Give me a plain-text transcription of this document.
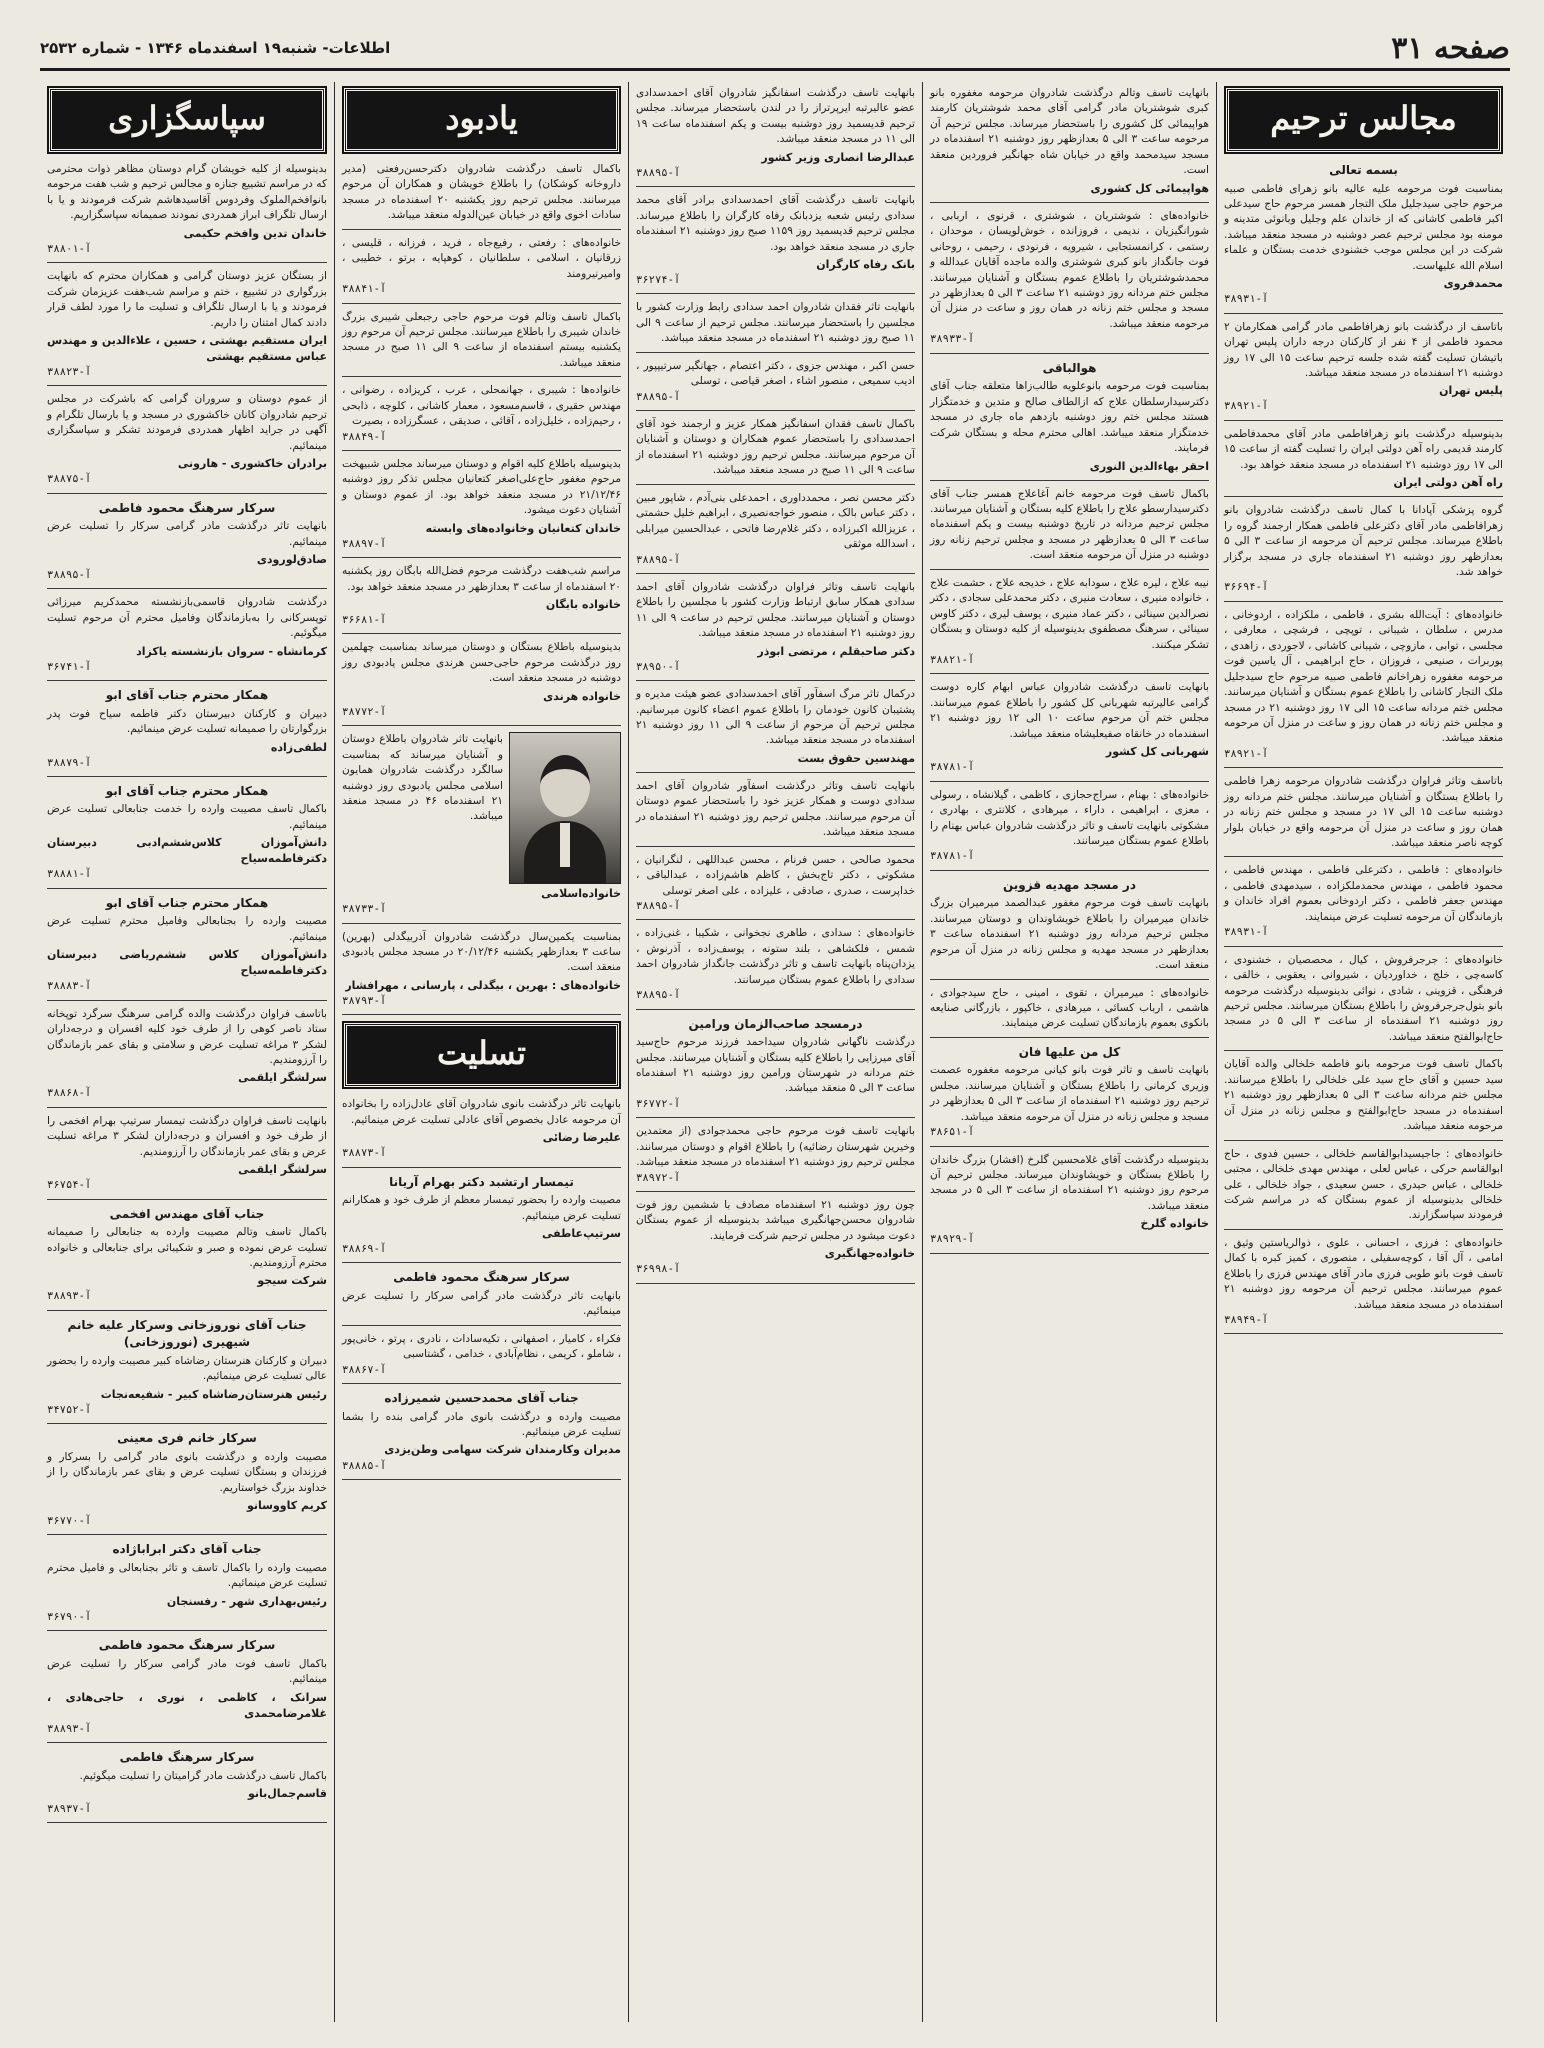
صفحه ۳۱
اطلاعات- شنبه۱۹ اسفندماه ۱۳۴۶ - شماره ۲۵۳۲
مجالس ترحیم
بسمه تعالی
بمناسبت فوت مرحومه علیه عالیه بانو زهرای فاطمی صبیه مرحوم حاجی سیدجلیل ملک التجار همسر مرحوم حاج سیدعلی اکبر فاطمی کاشانی که از خاندان علم وجلیل وبانوئی متدینه و مومنه بود مجلس ترحیم عصر دوشنبه در مسجد منعقد میباشد. شرکت در این مجلس موجب خشنودی خدمت بستگان و علماء اسلام الله علیهاست.
محمدفروی
آ-۳۸۹۳۱
باتاسف از درگذشت بانو زهرافاطمی مادر گرامی همکارمان ۲ محمود فاطمی از ۴ نفر از کارکنان درجه داران پلیس تهران باتیشان تسلیت گفته شده جلسه ترحیم ساعت ۱۵ الی ۱۷ روز دوشنبه ۲۱ اسفندماه در مسجد منعقد میباشد.
پلیس تهران
آ-۳۸۹۲۱
بدینوسیله درگذشت بانو زهرافاطمی مادر آقای محمدفاطمی کارمند قدیمی راه آهن دولتی ایران را تسلیت گفته از ساعت ۱۵ الی ۱۷ روز دوشنبه ۲۱ اسفندماه در مسجد منعقد خواهد بود.
راه آهن دولتی ایران
گروه پزشکی آپادانا با کمال تاسف درگذشت شادروان بانو زهرافاطمی مادر آقای دکترعلی فاطمی همکار ارجمند گروه را باطلاع میرساند. مجلس ترحیم آن مرحومه از ساعت ۳ الی ۵ بعدازظهر روز دوشنبه ۲۱ اسفندماه جاری در مسجد برگزار خواهد شد.
آ-۳۶۶۹۴
خانواده‌های : آیت‌الله بشری ، فاطمی ، ملکزاده ، اردوخانی ، مدرس ، سلطان ، شیبانی ، توپچی ، فرشچی ، معارفی ، مجلسی ، توابی ، مازوچی ، شیبانی کاشانی ، لاجوردی ، زاهدی ، پوربرات ، صنیعی ، فروزان ، حاج ابراهیمی ، آل یاسین فوت مرحومه مغفوره زهراخانم فاطمی صبیه مرحوم حاج سیدجلیل ملک التجار کاشانی را باطلاع عموم بستگان و آشنایان میرسانند. مجلس ختم مردانه ساعت ۱۵ الی ۱۷ روز دوشنبه ۲۱ در مسجد و مجلس ختم زنانه در همان روز و ساعت در منزل آن مرحومه منعقد میباشد.
آ-۳۸۹۲۱
باتاسف وتاثر فراوان درگذشت شادروان مرحومه زهرا فاطمی را باطلاع بستگان و آشنایان میرسانند. مجلس ختم مردانه روز دوشنبه ساعت ۱۵ الی ۱۷ در مسجد و مجلس ختم زنانه در همان روز و ساعت در منزل آن مرحومه واقع در خیابان بلوار کوچه ناصر منعقد میباشد.
خانواده‌های : فاطمی ، دکترعلی فاطمی ، مهندس فاطمی ، محمود فاطمی ، مهندس محمدملکزاده ، سیدمهدی فاطمی ، مهندس جعفر فاطمی ، دکتر اردوخانی بعموم افراد خاندان و بازماندگان آن مرحومه تسلیت عرض مینمایند.
آ-۳۸۹۳۱
خانواده‌های : جرجرفروش ، کیال ، محصصیان ، خشنودی ، کاسه‌چی ، خلج ، خداوردیان ، شیروانی ، یعقوبی ، خالقی ، فرهنگی ، قزوینی ، شادی ، نوائی بدینوسیله درگذشت مرحومه بانو بتول‌جرجرفروش را باطلاع بستگان میرسانند. مجلس ترحیم روز دوشنبه ۲۱ اسفندماه از ساعت ۳ الی ۵ در مسجد حاج‌ابوالفتح منعقد میباشد.
باکمال تاسف فوت مرحومه بانو فاطمه خلخالی والده آقایان سید حسین و آقای حاج سید علی خلخالی را باطلاع میرسانند. مجلس ختم مردانه ساعت ۳ الی ۵ بعدازظهر روز دوشنبه ۲۱ اسفندماه در مسجد حاج‌ابوالفتح و مجلس زنانه در منزل آن مرحومه منعقد میباشد.
خانواده‌های : جاجیسیدابوالقاسم خلخالی ، حسین فدوی ، حاج ابوالقاسم حرکی ، عباس لعلی ، مهندس مهدی خلخالی ، مجتبی خلخالی ، عباس حیدری ، حسن سعیدی ، جواد خلخالی ، علی خلخالی بدینوسیله از عموم بستگان که در مراسم شرکت فرمودند سپاسگزارند.
خانواده‌های : فرزی ، احسانی ، علوی ، ذوالریاستین وثیق ، امامی ، آل آقا ، کوچه‌سفیلی ، منصوری ، کمیز کبره با کمال تاسف فوت بانو طوبی فرزی مادر آقای مهندس فرزی را باطلاع عموم میرسانند. مجلس ترحیم آن مرحومه روز دوشنبه ۲۱ اسفندماه در مسجد منعقد میباشد.
آ-۳۸۹۴۹
بانهایت تاسف وتالم درگذشت شادروان مرحومه مغفوره بانو کبری شوشتریان مادر گرامی آقای محمد شوشتریان کارمند هواپیمائی کل کشوری را باستحضار میرساند. مجلس ترحیم آن مرحومه ساعت ۳ الی ۵ بعدازظهر روز دوشنبه ۲۱ اسفندماه در مسجد سیدمحمد واقع در خیابان شاه جهانگیر فروردین منعقد است.
هواپیمائی کل کشوری
خانواده‌های : شوشتریان ، شوشتری ، قرنوی ، اربابی ، شورانگیزیان ، ندیمی ، فروزانده ، خوش‌لویسان ، موحدان ، رستمی ، کرانمستجابی ، شیرویه ، فرنودی ، رحیمی ، روحانی فوت جانگداز بانو کبری شوشتری والده ماجده آقایان عبدالله و محمدشوشتریان را باطلاع عموم بستگان و آشنایان میرسانند. مجلس ختم مردانه روز دوشنبه ۲۱ ساعت ۳ الی ۵ بعدازظهر در مسجد و مجلس ختم زنانه در همان روز و ساعت در منزل آن مرحومه منعقد میباشد.
آ-۳۸۹۳۳
هوالباقی
بمناسبت فوت مرحومه بانوعلویه طالب‌زاها متعلقه جناب آقای دکترسیدارسلطان علاج که ازالطاف صالح و متدین و خدمتگزار هستند مجلس ختم روز دوشنبه بازدهم ماه جاری در مسجد خدمتگزار منعقد میباشد. اهالی محترم محله و بستگان شرکت فرمایند.
احقر بهاءالدین النوری
باکمال تاسف فوت مرحومه خانم آغاعلاج همسر جناب آقای دکترسیدارسطو علاج را باطلاع کلیه بستگان و آشنایان میرسانند. مجلس ترحیم مردانه در تاریخ دوشنبه بیست و یکم اسفندماه ساعت ۳ الی ۵ بعدازظهر در مسجد و مجلس ترحیم زنانه روز دوشنبه در منزل آن مرحومه منعقد است.
نیبه علاج ، لیره علاج ، سودابه علاج ، خدیجه علاج ، حشمت علاج ، خانواده منیری ، سعادت منیری ، دکتر محمدعلی سجادی ، دکتر نصرالدین سینائی ، دکتر عماد منیری ، یوسف لیری ، دکتر کاوس سینائی ، سرهنگ مصطفوی بدینوسیله از کلیه دوستان و بستگان تشکر میکنند.
آ-۳۸۸۲۱
بانهایت تاسف درگذشت شادروان عباس ابهام کاره دوست گرامی عالیرتبه شهربانی کل کشور را باطلاع عموم میرسانند. مجلس ختم آن مرحوم ساعت ۱۰ الی ۱۲ روز دوشنبه ۲۱ اسفندماه در خانقاه صفیعلیشاه منعقد میباشد.
شهربانی کل کشور
آ-۳۸۷۸۱
خانواده‌های : بهنام ، سراج‌حجازی ، کاظمی ، گیلانشاه ، رسولی ، معزی ، ابراهیمی ، داراء ، میرهادی ، کلانتری ، بهادری ، مشکوتی بانهایت تاسف و تاثر درگذشت شادروان عباس بهنام را باطلاع عموم بستگان میرسانند.
آ-۳۸۷۸۱
در مسجد مهدیه قزوین
بانهایت تاسف فوت مرحوم مغفور عبدالصمد میرمیران بزرگ خاندان میرمیران را باطلاع خویشاوندان و دوستان میرسانند. مجلس ترحیم مردانه روز دوشنبه ۲۱ اسفندماه ساعت ۳ بعدازظهر در مسجد مهدیه و مجلس زنانه در منزل آن مرحوم منعقد است.
خانواده‌های : میرمیران ، تقوی ، امینی ، حاج سیدجوادی ، هاشمی ، ارباب کسائی ، میرهادی ، خاکپور ، بازرگانی صنایعه بانکوی بعموم بازماندگان تسلیت عرض مینمایند.
کل من علیها فان
بانهایت تاسف و تاثر فوت بانو کیانی مرحومه مغفوره عصمت وزیری کرمانی را باطلاع بستگان و آشنایان میرسانند. مجلس ترحیم روز دوشنبه ۲۱ اسفندماه از ساعت ۳ الی ۵ بعدازظهر در مسجد و مجلس زنانه در منزل آن مرحومه منعقد میباشد.
آ-۳۸۶۵۱
بدینوسیله درگذشت آقای غلامحسین گلرخ (افشار) بزرگ خاندان را باطلاع بستگان و خویشاوندان میرساند. مجلس ترحیم آن مرحوم روز دوشنبه ۲۱ اسفندماه از ساعت ۳ الی ۵ در مسجد منعقد میباشد.
خانواده گلرخ
آ-۳۸۹۲۹
بانهایت تاسف درگذشت اسفانگیز شادروان آقای احمدسدادی عضو عالیرتبه ایرپرتراز را در لندن باستحضار میرساند. مجلس ترحیم قدیسمید روز دوشنبه بیست و یکم اسفندماه ساعت ۱۹ الی ۱۱ در مسجد منعقد میباشد.
عبدالرضا انصاری وزیر کشور
آ-۳۸۸۹۵
بانهایت تاسف درگذشت آقای احمدسدادی برادر آقای محمد سدادی رئیس شعبه یزدبانک رفاه کارگران را باطلاع میرساند. مجلس ترحیم قدیسمید روز ۱۱۵۹ صبح روز دوشنبه ۲۱ اسفندماه جاری در مسجد منعقد خواهد بود.
بانک رفاه کارگران
آ-۳۶۲۷۴
بانهایت تاثر فقدان شادروان احمد سدادی رابط وزارت کشور با مجلسین را باستحضار میرسانند. مجلس ترحیم از ساعت ۹ الی ۱۱ صبح روز دوشنبه ۲۱ اسفندماه در مسجد منعقد میباشد.
حسن اکبر ، مهندس جزوی ، دکتر اعتصام ، جهانگیر سرتیپپور ، ادیب سمیعی ، منصور اشاء ، اصغر قیاصی ، توسلی
آ-۳۸۸۹۵
باکمال تاسف فقدان اسفانگیز همکار عزیز و ارجمند خود آقای احمدسدادی را باستحضار عموم همکاران و دوستان و آشنایان آن مرحوم میرسانند. مجلس ترحیم روز دوشنبه ۲۱ اسفندماه از ساعت ۹ الی ۱۱ صبح در مسجد منعقد میباشد.
دکتر محسن نصر ، محمدداوری ، احمدعلی بنی‌آدم ، شاپور مبین ، دکتر عباس بالک ، منصور خواجه‌نصیری ، ابراهیم خلیل حشمتی ، عزیزالله اکبرزاده ، دکتر غلام‌رضا فاتحی ، عبدالحسین میرابلی ، اسدالله موثقی
آ-۳۸۸۹۵
بانهایت تاسف وتاثر فراوان درگذشت شادروان آقای احمد سدادی همکار سابق ارتباط وزارت کشور با مجلسین را باطلاع دوستان و آشنایان میرسانند. مجلس ترحیم در ساعت ۹ الی ۱۱ روز دوشنبه ۲۱ اسفندماه در مسجد منعقد میباشد.
دکتر صاحبقلم ، مرتضی ابوذر
آ-۳۸۹۵۰
درکمال تاثر مرگ اسفآور آقای احمدسدادی عضو هیئت مدیره و پشتیبان کانون خودمان را باطلاع عموم اعضاء کانون میرسانیم. مجلس ترحیم آن مرحوم از ساعت ۹ الی ۱۱ روز دوشنبه ۲۱ اسفندماه در مسجد منعقد میباشد.
مهندسین حقوق بست
بانهایت تاسف وتاثر درگذشت اسفآور شادروان آقای احمد سدادی دوست و همکار عزیز خود را باستحضار عموم دوستان آن مرحوم میرسانند. مجلس ترحیم روز دوشنبه ۲۱ اسفندماه در مسجد منعقد میباشد.
محمود صالحی ، حسن فرنام ، محسن عبداللهی ، لنگرانیان ، مشکوتی ، دکتر تاج‌بخش ، کاظم هاشم‌زاده ، عبدالباقی ، خداپرست ، صدری ، صادقی ، علیزاده ، علی اصغر توسلی
آ-۳۸۸۹۵
خانواده‌های : سدادی ، طاهری نجخوانی ، شکیبا ، غنی‌زاده ، شمس ، فلکشاهی ، بلند ستونه ، یوسف‌زاده ، آذرنوش ، یزدان‌پناه بانهایت تاسف و تاثر درگذشت جانگداز شادروان احمد سدادی را باطلاع عموم بستگان میرسانند.
آ-۳۸۸۹۵
درمسجد صاحب‌الزمان ورامین
درگذشت ناگهانی شادروان سیداحمد فرزند مرحوم حاج‌سید آقای میرزایی را باطلاع کلیه بستگان و آشنایان میرسانند. مجلس ختم مردانه در شهرستان ورامین روز دوشنبه ۲۱ اسفندماه ساعت ۳ الی ۵ منعقد میباشد.
آ-۳۶۷۷۲
بانهایت تاسف فوت مرحوم حاجی محمدجوادی (از معتمدین وخیرین شهرستان رضائیه) را باطلاع اقوام و دوستان میرسانند. مجلس ترحیم روز دوشنبه ۲۱ اسفندماه در مسجد منعقد میباشد.
آ-۳۸۹۷۲
چون روز دوشنبه ۲۱ اسفندماه مصادف با ششمین روز فوت شادروان محسن‌جهانگیری میباشد بدینوسیله از عموم بستگان دعوت میشود در مجلس ترحیم شرکت فرمایند.
خانواده‌جهانگیری
آ-۳۶۹۹۸
یادبود
باکمال تاسف درگذشت شادروان دکترحسن‌رفعتی (مدیر داروخانه کوشکان) را باطلاع خویشان و همکاران آن مرحوم میرسانند. مجلس ترحیم روز یکشنبه ۲۰ اسفندماه در مسجد سادات اخوی واقع در خیابان عین‌الدوله منعقد میباشد.
خانواده‌های : رفعتی ، رفیع‌جاه ، فرید ، فرزانه ، قلیسی ، زرقانیان ، اسلامی ، سلطانیان ، کوهپایه ، برتو ، خطیبی ، وامیرنیرومند
آ-۳۸۸۴۱
باکمال تاسف وتالم فوت مرحوم حاجی رجبعلی شیبری بزرگ خاندان شیبری را باطلاع میرسانند. مجلس ترحیم آن مرحوم روز یکشنبه بیستم اسفندماه از ساعت ۹ الی ۱۱ صبح در مسجد منعقد میباشد.
خانواده‌ها : شیبری ، جهانمحلی ، عرب ، کریزاده ، رضوانی ، مهندس حقیری ، قاسم‌مسعود ، معمار کاشانی ، کلوچه ، ذابحی ، رحیم‌زاده ، خلیل‌زاده ، آقائی ، صدیقی ، عسگرزاده ، بصیرت
آ-۳۸۸۴۹
بدینوسیله باطلاع کلیه اقوام و دوستان میرساند مجلس شبیهخت مرحوم مغفور حاج‌علی‌اصغر کتعانیان مجلس تذکر روز دوشنبه ۲۱/۱۲/۴۶ در مسجد منعقد خواهد بود. از عموم دوستان و آشنایان دعوت میشود.
خاندان کتعانیان وخانواده‌های وابسته
آ-۳۸۸۹۷
مراسم شب‌هفت درگذشت مرحوم فضل‌الله بابگان روز یکشنبه ۲۰ اسفندماه از ساعت ۳ بعدازظهر در مسجد منعقد خواهد بود.
خانواده بابگان
آ-۳۶۶۸۱
بدینوسیله باطلاع بستگان و دوستان میرساند بمناسبت چهلمین روز درگذشت مرحوم حاجی‌حسن هرندی مجلس یادبودی روز دوشنبه در مسجد منعقد است.
خانواده هرندی
آ-۳۸۷۷۲
بانهایت تاثر شادروان باطلاع دوستان و آشنایان میرساند که بمناسبت سالگرد درگذشت شادروان همایون اسلامی مجلس یادبودی روز دوشنبه ۲۱ اسفندماه ۴۶ در مسجد منعقد میباشد.
خانواده‌اسلامی
آ-۳۸۷۳۳
بمناسبت یکمین‌سال درگذشت شادروان آذربیگدلی (بهرین) ساعت ۳ بعدازظهر یکشنبه ۲۰/۱۲/۴۶ در مسجد مجلس یادبودی منعقد است.
خانواده‌های : بهرین ، بیگدلی ، پارسانی ، مهرافشار
آ-۳۸۷۹۳
تسلیت
بانهایت تاثر درگذشت بانوی شادروان آقای عادل‌زاده را بخانواده آن مرحومه عادل بخصوص آقای عادلی تسلیت عرض مینمائیم.
علیرضا رضائی
آ-۳۸۸۷۳
تیمسار ارتشبد دکتر بهرام آریانا
مصیبت وارده را بحضور تیمسار معظم از طرف خود و همکارانم تسلیت عرض مینمائیم.
سرتیپ‌عاطفی
آ-۳۸۸۶۹
سرکار سرهنگ محمود فاطمی
بانهایت تاثر درگذشت مادر گرامی سرکار را تسلیت عرض مینمائیم.
فکراء ، کامیار ، اصفهانی ، تکیه‌سادات ، نادری ، پرتو ، خانی‌پور ، شاملو ، کریمی ، نظام‌آبادی ، خدامی ، گشتاسبی
آ-۳۸۸۶۷
جناب آقای محمدحسین شمیرزاده
مصیبت وارده و درگذشت بانوی مادر گرامی بنده را بشما تسلیت عرض مینمائیم.
مدیران وکارمندان شرکت سهامی وطن‌یزدی
آ-۳۸۸۸۵
سپاسگزاری
بدینوسیله از کلیه خویشان گرام دوستان مظاهر ذوات محترمی که در مراسم تشییع جنازه و مجالس ترحیم و شب هفت مرحومه بانوافخم‌الملوک وفردوس آقاسیدهاشم شرکت فرمودند و یا با ارسال تلگراف ابراز همدردی نمودند صمیمانه سپاسگزاریم.
خاندان تدین وافخم حکیمی
آ-۳۸۸۰۱
از بستگان عزیز دوستان گرامی و همکاران محترم که بانهایت بزرگواری در تشییع ، ختم و مراسم شب‌هفت عزیزمان شرکت فرمودند و یا با ارسال تلگراف و تسلیت ما را مورد لطف قرار دادند کمال امتنان را داریم.
ایران مستقیم بهشتی ، حسین ، علاءالدین و مهندس عباس مستقیم بهشتی
آ-۳۸۸۲۳
از عموم دوستان و سروران گرامی که باشرکت در مجلس ترحیم شادروان کانان خاکشوری در مسجد و یا بارسال تلگرام و آگهی در جراید اظهار همدردی فرمودند تشکر و سپاسگزاری مینمائیم.
برادران خاکشوری - هارونی
آ-۳۸۸۷۵
سرکار سرهنگ محمود فاطمی
بانهایت تاثر درگذشت مادر گرامی سرکار را تسلیت عرض مینمائیم.
صادق‌لورودی
آ-۳۸۸۹۵
درگذشت شادروان قاسمی‌بازنشسته محمدکریم میرزائی توپسرکانی را به‌بازماندگان وفامیل محترم آن مرحوم تسلیت میگوئیم.
کرمانشاه - سروان بازنشسته یاکزاد
آ-۳۶۷۴۱
همکار محترم جناب آقای ابو
دبیران و کارکنان دبیرستان دکتر فاطمه سیاح فوت پدر بزرگوارتان را صمیمانه تسلیت عرض مینمائیم.
لطفی‌زاده
آ-۳۸۸۷۹
همکار محترم جناب آقای ابو
باکمال تاسف مصیبت وارده را خدمت جنابعالی تسلیت عرض مینمائیم.
دانش‌آموزان کلاس‌ششم‌ادبی دبیرستان دکترفاطمه‌سیاح
آ-۳۸۸۸۱
همکار محترم جناب آقای ابو
مصیبت وارده را بجنابعالی وفامیل محترم تسلیت عرض مینمائیم.
دانش‌آموزان کلاس ششم‌ریاضی دبیرستان دکترفاطمه‌سیاح
آ-۳۸۸۸۳
باتاسف فراوان درگذشت والده گرامی سرهنگ سرگرد توپخانه ستاد ناصر کوهی را از طرف خود کلیه افسران و درجه‌داران لشکر ۳ مراغه تسلیت عرض و سلامتی و بقای عمر بازماندگان را آرزومندیم.
سرلشگر ایلقمی
آ-۳۸۸۶۸
بانهایت تاسف فراوان درگذشت تیمسار سرتیپ بهرام افخمی را از طرف خود و افسران و درجه‌داران لشکر ۳ مراغه تسلیت عرض و بقای عمر بازماندگان را آرزومندیم.
سرلشگر ایلقمی
آ-۳۶۷۵۴
جناب آقای مهندس افخمی
باکمال تاسف وتالم مصیبت وارده به جنابعالی را صمیمانه تسلیت عرض نموده و صبر و شکیبائی برای جنابعالی و خانواده محترم آرزومندیم.
شرکت سیجو
آ-۳۸۸۹۳
جناب آقای نوروزخانی وسرکار علیه خانم شیهیری (نوروزخانی)
دبیران و کارکنان هنرستان رضاشاه کبیر مصیبت وارده را بحضور عالی تسلیت عرض مینمائیم.
رئیس هنرستان‌رضاشاه کبیر - شفیعه‌نجات
آ-۳۴۷۵۲
سرکار خانم فری معینی
مصیبت وارده و درگذشت بانوی مادر گرامی را بسرکار و فرزندان و بستگان تسلیت عرض و بقای عمر بازماندگان را از خداوند بزرگ خواستاریم.
کریم کاووسانو
آ-۳۶۷۷۰
جناب آقای دکتر ابراباژاده
مصیبت وارده را باکمال تاسف و تاثر بجنابعالی و فامیل محترم تسلیت عرض مینمائیم.
رئیس‌بهداری شهر - رفسنجان
آ-۳۶۷۹۰
سرکار سرهنگ محمود فاطمی
باکمال تاسف فوت مادر گرامی سرکار را تسلیت عرض مینمائیم.
سرانک ، کاظمی ، نوری ، حاجی‌هادی ، غلامرضا‌محمدی
آ-۳۸۸۹۳
سرکار سرهنگ فاطمی
باکمال تاسف درگذشت مادر گرامیتان را تسلیت میگوئیم.
قاسم‌جمال‌بانو
آ-۳۸۹۳۷
